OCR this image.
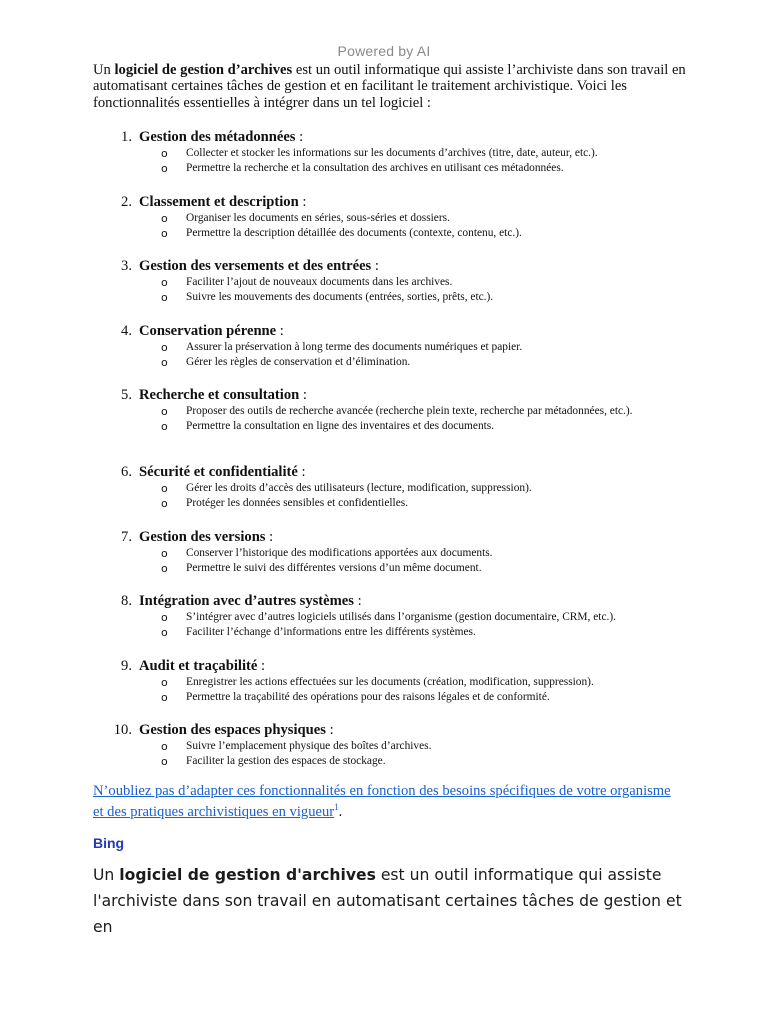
Powered by AI

Un logiciel de gestion d’archives est un outil informatique qui assiste l’archiviste dans son travail en automatisant certaines tâches de gestion et en facilitant le traitement archivistique. Voici les fonctionnalités essentielles à intégrer dans un tel logiciel :

1. Gestion des métadonnées :
o Collecter et stocker les informations sur les documents d’archives (titre, date, auteur, etc.).
o Permettre la recherche et la consultation des archives en utilisant ces métadonnées.
2. Classement et description :
o Organiser les documents en séries, sous-séries et dossiers.
o Permettre la description détaillée des documents (contexte, contenu, etc.).
3. Gestion des versements et des entrées :
o Faciliter l’ajout de nouveaux documents dans les archives.
o Suivre les mouvements des documents (entrées, sorties, prêts, etc.).
4. Conservation pérenne :
o Assurer la préservation à long terme des documents numériques et papier.
o Gérer les règles de conservation et d’élimination.
5. Recherche et consultation :
o Proposer des outils de recherche avancée (recherche plein texte, recherche par métadonnées, etc.).
o Permettre la consultation en ligne des inventaires et des documents.
6. Sécurité et confidentialité :
o Gérer les droits d’accès des utilisateurs (lecture, modification, suppression).
o Protéger les données sensibles et confidentielles.
7. Gestion des versions :
o Conserver l’historique des modifications apportées aux documents.
o Permettre le suivi des différentes versions d’un même document.
8. Intégration avec d’autres systèmes :
o S’intégrer avec d’autres logiciels utilisés dans l’organisme (gestion documentaire, CRM, etc.).
o Faciliter l’échange d’informations entre les différents systèmes.
9. Audit et traçabilité :
o Enregistrer les actions effectuées sur les documents (création, modification, suppression).
o Permettre la traçabilité des opérations pour des raisons légales et de conformité.
10. Gestion des espaces physiques :
o Suivre l’emplacement physique des boîtes d’archives.
o Faciliter la gestion des espaces de stockage.
N’oubliez pas d’adapter ces fonctionnalités en fonction des besoins spécifiques de votre organisme et des pratiques archivistiques en vigueur$^1$.
Bing
Un logiciel de gestion d'archives est un outil informatique qui assiste l'archiviste dans son travail en automatisant certaines tâches de gestion et en
